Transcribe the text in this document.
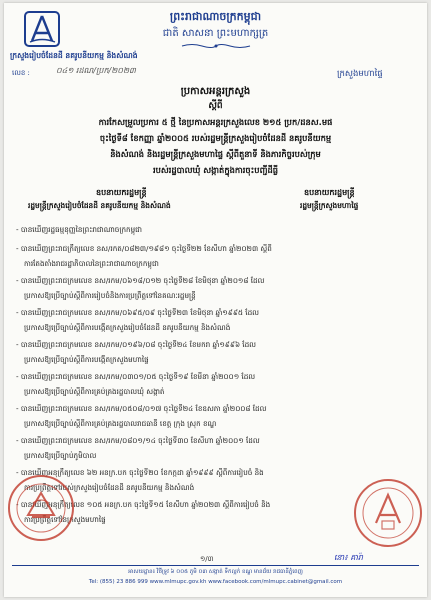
ព្រះរាជាណាចក្រកម្ពុជា
ជាតិ សាសនា ព្រះមហាក្សត្រ
ក្រសួងរៀបចំដែនដី នគរូបនីយកម្ម និងសំណង់
លេខ :	០៤១ រដណ/ប្រក/២០២៣	ក្រសួងមហាផ្ទៃ
ប្រកាសអន្តរក្រសួង
ស្តីពី
ការកែសម្រួលប្រការ ៥ ថ្មី នៃប្រកាសអន្តរក្រសួងលេខ ២១៥ ប្រក/ដនស.មផ
ចុះថ្ងៃទី៨ ខែកញ្ញា ឆ្នាំ២០០៥ របស់រដ្ឋមន្ត្រីក្រសួងរៀបចំដែនដី នគរូបនីយកម្ម
និងសំណង់ និងរដ្ឋមន្ត្រីក្រសួងមហាផ្ទៃ ស្តីពីតួនាទី និងភារកិច្ចរបស់ក្រុម
របស់រដ្ឋបាលឃុំ សង្កាត់ក្នុងការចុះបញ្ជីដីធ្លី
ឧបនាយករដ្ឋមន្ត្រី
រដ្ឋមន្ត្រីក្រសួងរៀបចំដែនដី នគរូបនីយកម្ម និងសំណង់
ឧបនាយករដ្ឋមន្ត្រី
រដ្ឋមន្ត្រីក្រសួងមហាផ្ទៃ
- បានឃើញរដ្ឋធម្មនុញ្ញនៃព្រះរាជាណាចក្រកម្ពុជា
- បានឃើញព្រះរាជក្រឹត្យលេខ នស/រកត/០៨២៣/១៩៨១ ចុះថ្ងៃទី២២ ខែសីហា ឆ្នាំ២០២៣ ស្តីពី
ការតែងតាំងរាជរដ្ឋាភិបាលនៃព្រះរាជាណាចក្រកម្ពុជា
- បានឃើញព្រះរាជក្រមលេខ នស/រកម/០៦១៨/០១២ ចុះថ្ងៃទី២៨ ខែមិថុនា ឆ្នាំ២០១៨ ដែល
ប្រកាសឱ្យប្រើច្បាប់ស្តីពីការរៀបចំនិងការប្រព្រឹត្តទៅនៃគណៈរដ្ឋមន្ត្រី
- បានឃើញព្រះរាជក្រមលេខ នស/រកម/០៦៩៥/០៩ ចុះថ្ងៃទី២៣ ខែមិថុនា ឆ្នាំ១៩៩៥ ដែល
ប្រកាសឱ្យប្រើច្បាប់ស្តីពីការបង្កើតក្រសួងរៀបចំដែនដី នគរូបនីយកម្ម និងសំណង់
- បានឃើញព្រះរាជក្រមលេខ នស/រកម/០១៩៦/០៨ ចុះថ្ងៃទី២៤ ខែមករា ឆ្នាំ១៩៩៦ ដែល
ប្រកាសឱ្យប្រើច្បាប់ស្តីពីការបង្កើតក្រសួងមហាផ្ទៃ
- បានឃើញព្រះរាជក្រមលេខ នស/រកម/០៣០១/០៥ ចុះថ្ងៃទី១៩ ខែមីនា ឆ្នាំ២០០១ ដែល
ប្រកាសឱ្យប្រើច្បាប់ស្តីពីការគ្រប់គ្រងរដ្ឋបាលឃុំ សង្កាត់
- បានឃើញព្រះរាជក្រមលេខ នស/រកម/០៥០៨/០១៧ ចុះថ្ងៃទី២៤ ខែឧសភា ឆ្នាំ២០០៨ ដែល
ប្រកាសឱ្យប្រើច្បាប់ស្តីពីការគ្រប់គ្រងរដ្ឋបាលរាជធានី ខេត្ត ក្រុង ស្រុក ខណ្ឌ
- បានឃើញព្រះរាជក្រមលេខ នស/រកម/០៨០១/១៤ ចុះថ្ងៃទី៣០ ខែសីហា ឆ្នាំ២០០១ ដែល
ប្រកាសឱ្យប្រើច្បាប់ភូមិបាល
- បានឃើញអនុក្រឹត្យលេខ ៦២ អនក្រ.បក ចុះថ្ងៃទី២០ ខែកក្កដា ឆ្នាំ១៩៩៩ ស្តីពីការរៀបចំ និង
ការប្រព្រឹត្តទៅរបស់ក្រសួងរៀបចំដែនដី នគរូបនីយកម្ម និងសំណង់
- បានឃើញអនុក្រឹត្យលេខ ១០៥ អនក្រ.បក ចុះថ្ងៃទី១៥ ខែសីហា ឆ្នាំ២០២៣ ស្តីពីការរៀបចំ និង
ការប្រព្រឹត្តទៅនៃក្រសួងមហាផ្ទៃ
១/៣	នោ៖ គារ៉ា
អាសយដ្ឋាន៖ វិថីទ្រូវ ៦ ០០៥ ភូមិ ០៣ សង្កាត់ ទឹកល្អក់ ខណ្ឌ មានជ័យ រាជធានីភ្នំពេញ
Tel: (855) 23 886 999 www.mlmupc.gov.kh www.facebook.com/mlmupc.cabinet@gmail.com
